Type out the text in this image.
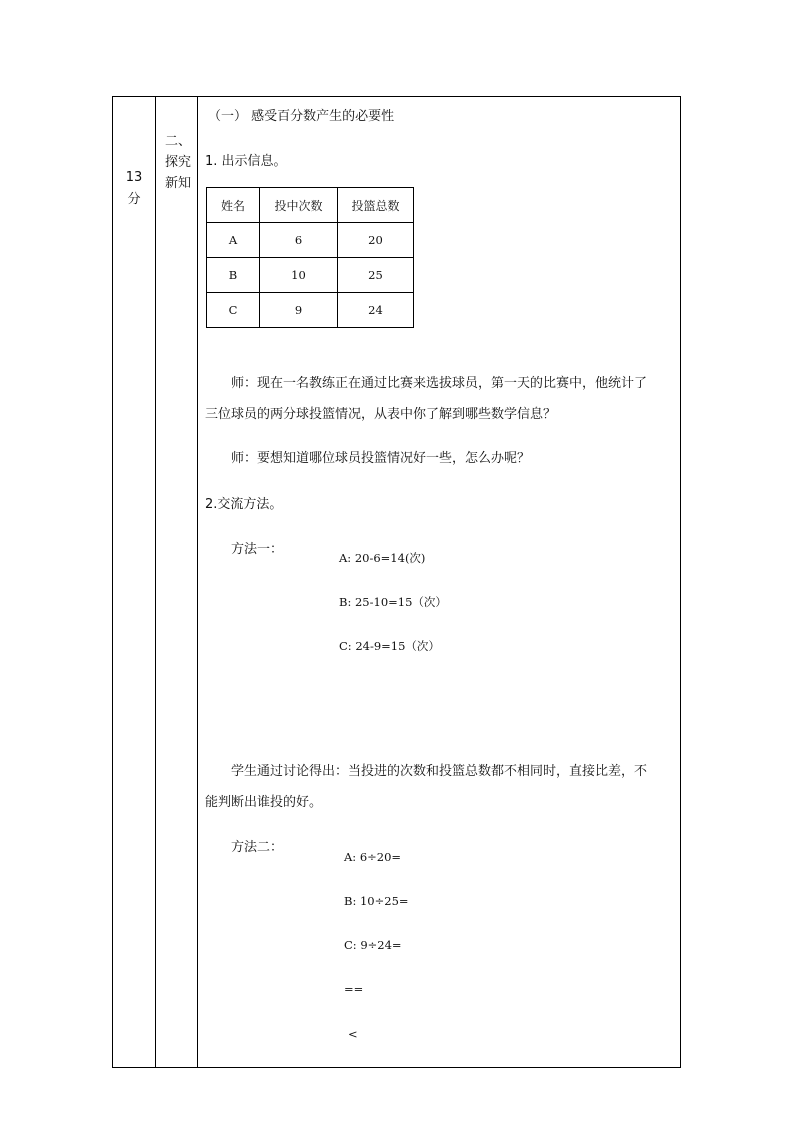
13
分
二、
探究
新知
（一） 感受百分数产生的必要性
1. 出示信息。
姓名	投中次数	投篮总数
A	6	20
B	10	25
C	9	24
师：现在一名教练正在通过比赛来选拔球员，第一天的比赛中，他统计了
三位球员的两分球投篮情况，从表中你了解到哪些数学信息？
师：要想知道哪位球员投篮情况好一些，怎么办呢？
2.交流方法。
方法一：
A: 20-6=14(次)
B: 25-10=15（次）
C: 24-9=15（次）
学生通过讨论得出：当投进的次数和投篮总数都不相同时，直接比差，不
能判断出谁投的好。
方法二：
A: 6÷20=
B: 10÷25=
C: 9÷24=
==
<
